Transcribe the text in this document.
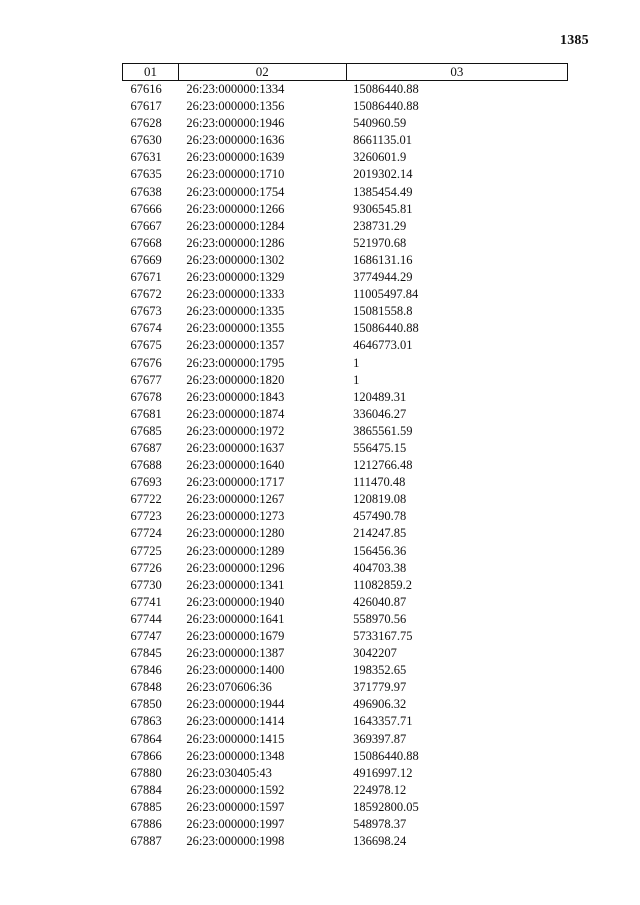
1385
01	02	03
67616	26:23:000000:1334	15086440.88
67617	26:23:000000:1356	15086440.88
67628	26:23:000000:1946	540960.59
67630	26:23:000000:1636	8661135.01
67631	26:23:000000:1639	3260601.9
67635	26:23:000000:1710	2019302.14
67638	26:23:000000:1754	1385454.49
67666	26:23:000000:1266	9306545.81
67667	26:23:000000:1284	238731.29
67668	26:23:000000:1286	521970.68
67669	26:23:000000:1302	1686131.16
67671	26:23:000000:1329	3774944.29
67672	26:23:000000:1333	11005497.84
67673	26:23:000000:1335	15081558.8
67674	26:23:000000:1355	15086440.88
67675	26:23:000000:1357	4646773.01
67676	26:23:000000:1795	1
67677	26:23:000000:1820	1
67678	26:23:000000:1843	120489.31
67681	26:23:000000:1874	336046.27
67685	26:23:000000:1972	3865561.59
67687	26:23:000000:1637	556475.15
67688	26:23:000000:1640	1212766.48
67693	26:23:000000:1717	111470.48
67722	26:23:000000:1267	120819.08
67723	26:23:000000:1273	457490.78
67724	26:23:000000:1280	214247.85
67725	26:23:000000:1289	156456.36
67726	26:23:000000:1296	404703.38
67730	26:23:000000:1341	11082859.2
67741	26:23:000000:1940	426040.87
67744	26:23:000000:1641	558970.56
67747	26:23:000000:1679	5733167.75
67845	26:23:000000:1387	3042207
67846	26:23:000000:1400	198352.65
67848	26:23:070606:36	371779.97
67850	26:23:000000:1944	496906.32
67863	26:23:000000:1414	1643357.71
67864	26:23:000000:1415	369397.87
67866	26:23:000000:1348	15086440.88
67880	26:23:030405:43	4916997.12
67884	26:23:000000:1592	224978.12
67885	26:23:000000:1597	18592800.05
67886	26:23:000000:1997	548978.37
67887	26:23:000000:1998	136698.24
